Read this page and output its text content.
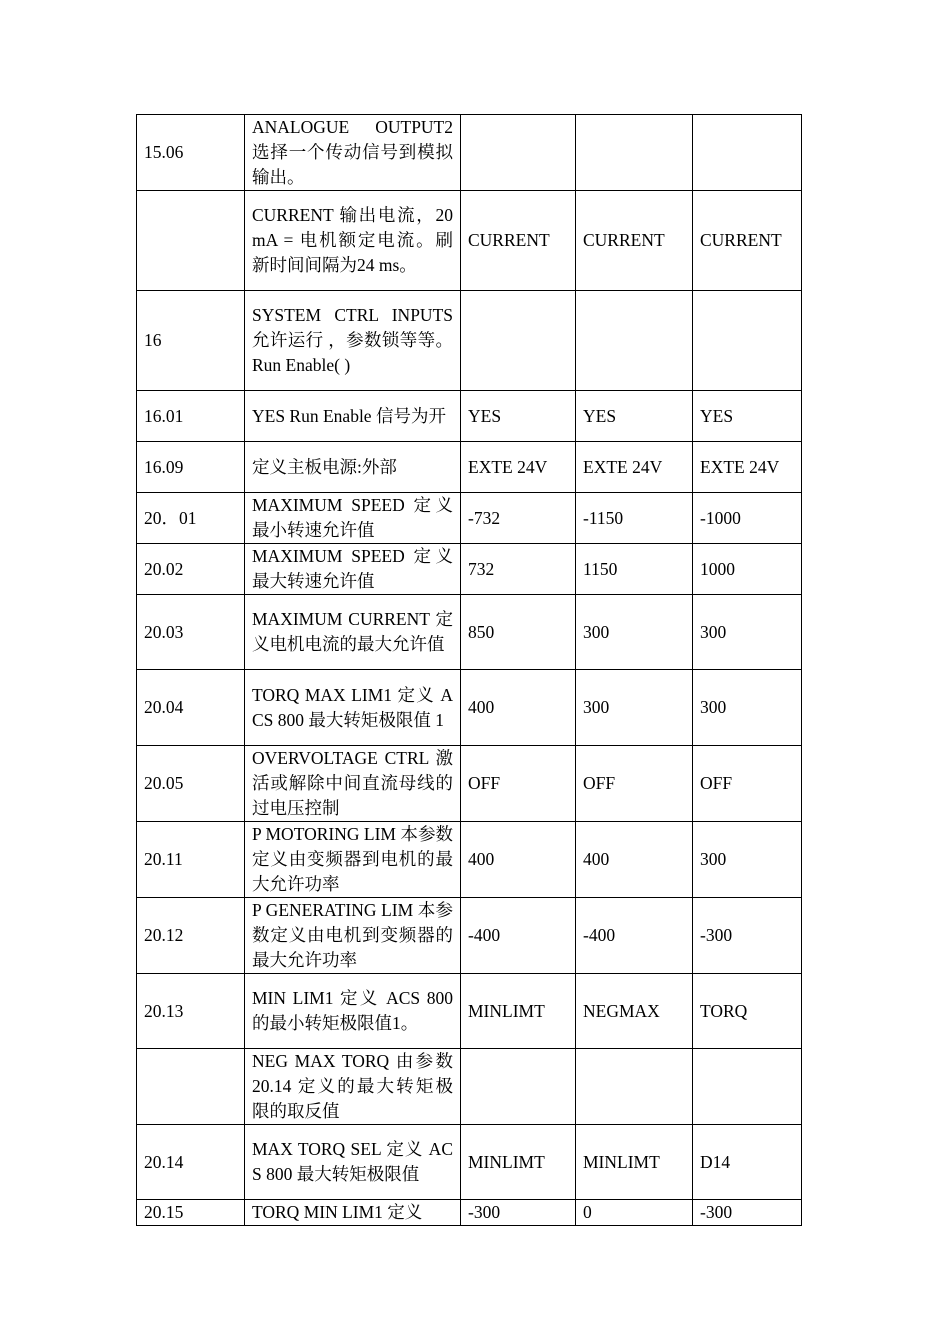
15.06	ANALOGUE OUTPUT2 选择一个传动信号到模拟输出。			
	CURRENT 输出电流，20 mA = 电机额定电流。刷新时间间隔为24 ms。	CURRENT	CURRENT	CURRENT
16	SYSTEM CTRL INPUTS 允许运行 ，参数锁等等。Run Enable( )			
16.01	YES Run Enable 信号为开	YES	YES	YES
16.09	定义主板电源:外部	EXTE 24V	EXTE 24V	EXTE 24V
20．01	MAXIMUM SPEED 定义最小转速允许值	-732	-1150	-1000
20.02	MAXIMUM SPEED 定义最大转速允许值	732	1150	1000
20.03	MAXIMUM CURRENT 定义电机电流的最大允许值	850	300	300
20.04	TORQ MAX LIM1 定义 ACS 800 最大转矩极限值 1	400	300	300
20.05	OVERVOLTAGE CTRL 激活或解除中间直流母线的过电压控制	OFF	OFF	OFF
20.11	P MOTORING LIM 本参数定义由变频器到电机的最大允许功率	400	400	300
20.12	P GENERATING LIM 本参数定义由电机到变频器的最大允许功率	-400	-400	-300
20.13	MIN LIM1 定义 ACS 800 的最小转矩极限值1。	MINLIMT	NEGMAX	TORQ
	NEG MAX TORQ 由参数 20.14 定义的最大转矩极限的取反值			
20.14	MAX TORQ SEL 定义 ACS 800 最大转矩极限值	MINLIMT	MINLIMT	D14
20.15	TORQ MIN LIM1 定义	-300	0	-300
